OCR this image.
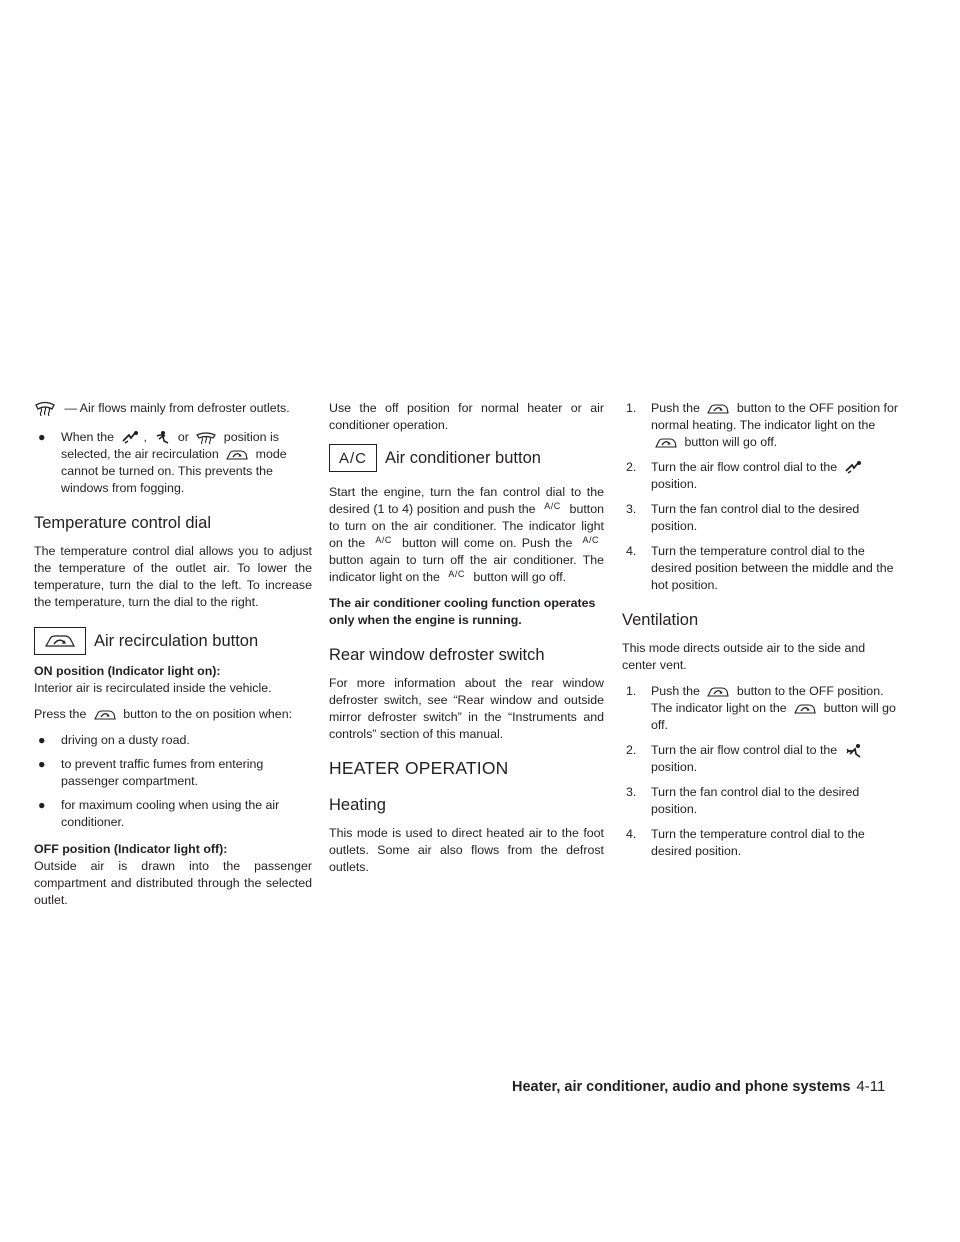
— Air flows mainly from defroster outlets.
● When the , or	position is selected, the air recirculation	mode cannot be turned on. This prevents the windows from fogging.
Temperature control dial

The temperature control dial allows you to adjust the temperature of the outlet air. To lower the temperature, turn the dial to the left. To increase the temperature, turn the dial to the right.

Air recirculation button
ON position (Indicator light on):

Interior air is recirculated inside the vehicle.

Press the	button to the on position when:

● driving on a dusty road.
● to prevent traffic fumes from entering passenger compartment.
● for maximum cooling when using the air conditioner.
OFF position (Indicator light off):

Outside air is drawn into the passenger compartment and distributed through the selected outlet.

Use the off position for normal heater or air conditioner operation.

A/C	Air conditioner button

Start the engine, turn the fan control dial to the desired (1 to 4) position and push the $^{A/C}$ button to turn on the air conditioner. The indicator light on the $^{A/C}$ button will come on. Push the $^{A/C}$ button again to turn off the air conditioner. The indicator light on the $^{A/C}$ button will go off.

The air conditioner cooling function operates only when the engine is running.

Rear window defroster switch

For more information about the rear window defroster switch, see “Rear window and outside mirror defroster switch” in the “Instruments and controls” section of this manual.

HEATER OPERATION
Heating

This mode is used to direct heated air to the foot outlets. Some air also flows from the defrost outlets.

1. Push the	button to the OFF position for normal heating. The indicator light on the
button will go off.
2. Turn the air flow control dial to the
position.
3. Turn the fan control dial to the desired position.
4. Turn the temperature control dial to the desired position between the middle and the hot position.
Ventilation

This mode directs outside air to the side and center vent.

1. Push the	button to the OFF position. The indicator light on the	button will go off.
2. Turn the air flow control dial to the
position.
3. Turn the fan control dial to the desired position.
4. Turn the temperature control dial to the desired position.
Heater, air conditioner, audio and phone systems 4-11
